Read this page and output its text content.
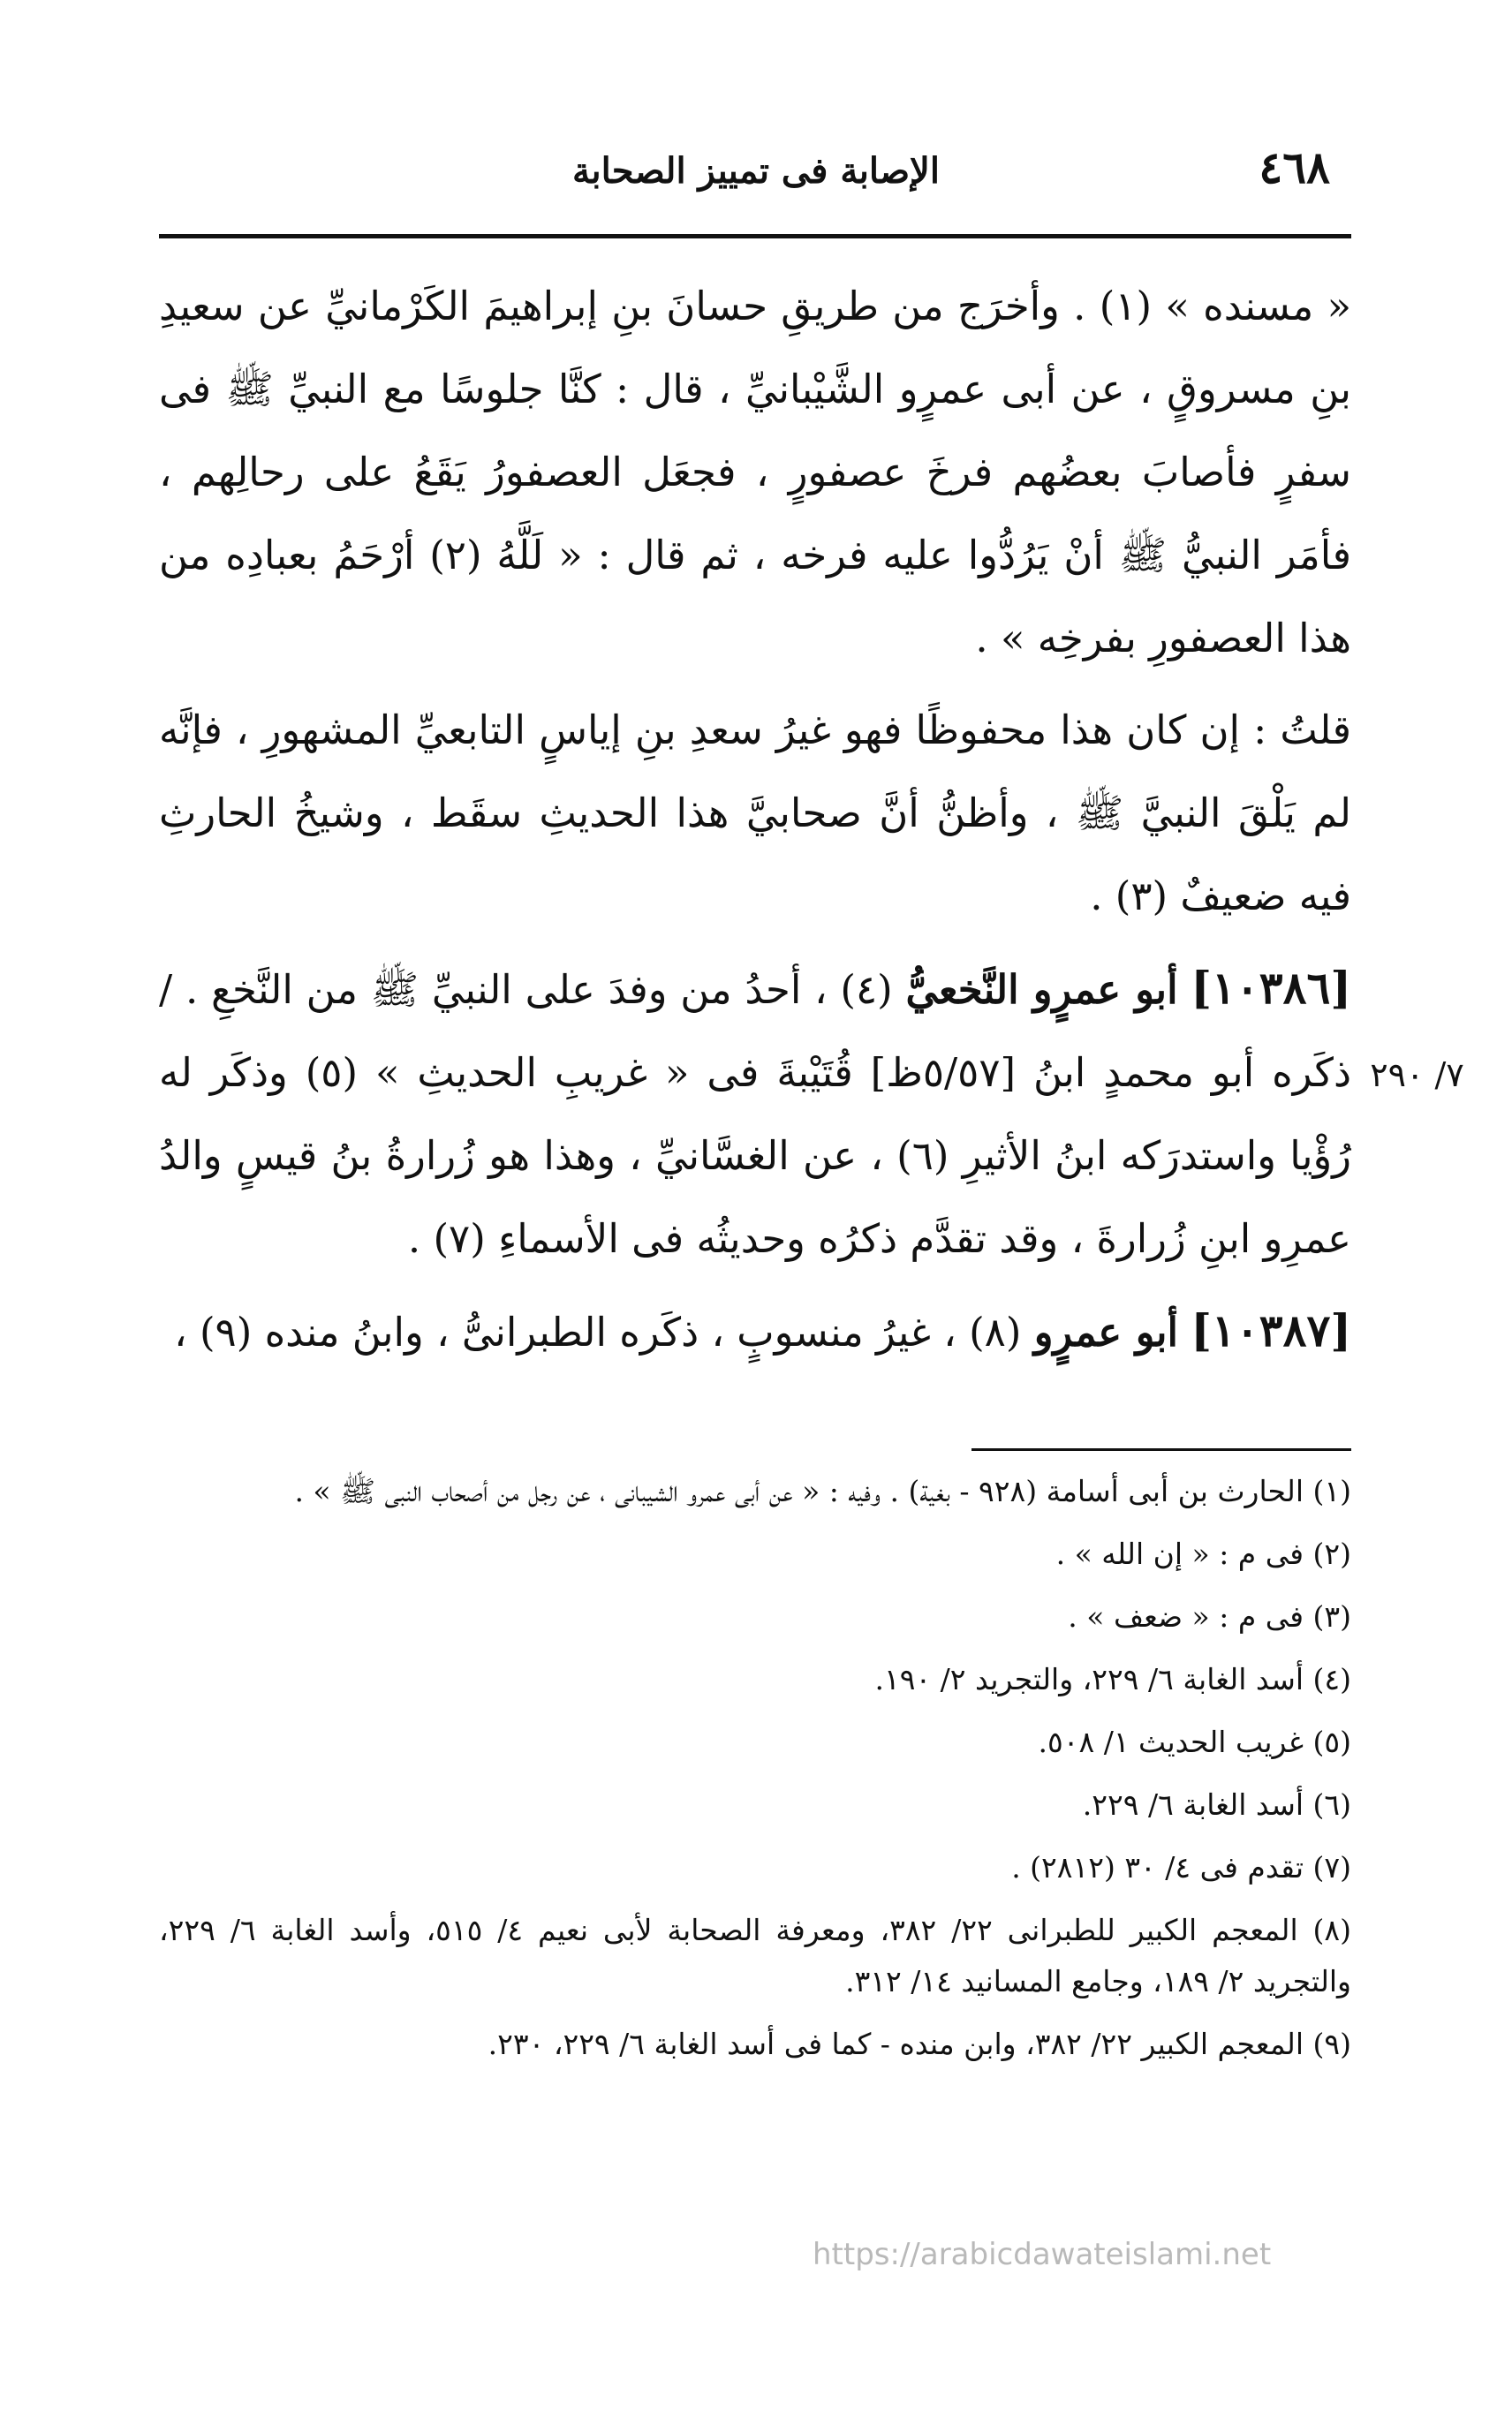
٤٦٨
الإصابة فى تمييز الصحابة

« مسنده » (١) . وأخرَج من طريقِ حسانَ بنِ إبراهيمَ الكَرْمانيِّ عن سعيدِ بنِ مسروقٍ ، عن أبى عمرٍو الشَّيْبانيِّ ، قال : كنَّا جلوسًا مع النبيِّ ﷺ فى سفرٍ فأصابَ بعضُهم فرخَ عصفورٍ ، فجعَل العصفورُ يَقَعُ على رحالِهم ، فأمَر النبيُّ ﷺ أنْ يَرُدُّوا عليه فرخه ، ثم قال : « لَلَّهُ (٢) أرْحَمُ بعبادِه من هذا العصفورِ بفرخِه » .

قلتُ : إن كان هذا محفوظًا فهو غيرُ سعدِ بنِ إياسٍ التابعيِّ المشهورِ ، فإنَّه لم يَلْقَ النبيَّ ﷺ ، وأظنُّ أنَّ صحابيَّ هذا الحديثِ سقَط ، وشيخُ الحارثِ فيه ضعيفٌ (٣) .

[١٠٣٨٦] أبو عمرٍو النَّخعيُّ (٤) ، أحدُ من وفدَ على النبيِّ ﷺ من النَّخعِ . /ذكَره أبو محمدٍ ابنُ [٥/٥٧ظ] قُتَيْبةَ فى « غريبِ الحديثِ » (٥) وذكَر له رُؤْيا واستدرَكه ابنُ الأثيرِ (٦) ، عن الغسَّانيِّ ، وهذا هو زُرارةُ بنُ قيسٍ والدُ عمرِو ابنِ زُرارةَ ، وقد تقدَّم ذكرُه وحديثُه فى الأسماءِ (٧) .

[١٠٣٨٧] أبو عمرٍو (٨) ، غيرُ منسوبٍ ، ذكَره الطبرانىُّ ، وابنُ منده (٩) ،

٧/ ٢٩٠
(١) الحارث بن أبى أسامة (٩٢٨ - بغية) . وفيه : « عن أبى عمرو الشيبانى ، عن رجل من أصحاب النبى ﷺ » .
(٢) فى م : « إن الله » .
(٣) فى م : « ضعف » .
(٤) أسد الغابة ٦/ ٢٢٩، والتجريد ٢/ ١٩٠.
(٥) غريب الحديث ١/ ٥٠٨.
(٦) أسد الغابة ٦/ ٢٢٩.
(٧) تقدم فى ٤/ ٣٠ (٢٨١٢) .
(٨) المعجم الكبير للطبرانى ٢٢/ ٣٨٢، ومعرفة الصحابة لأبى نعيم ٤/ ٥١٥، وأسد الغابة ٦/ ٢٢٩، والتجريد ٢/ ١٨٩، وجامع المسانيد ١٤/ ٣١٢.
(٩) المعجم الكبير ٢٢/ ٣٨٢، وابن منده - كما فى أسد الغابة ٦/ ٢٢٩، ٢٣٠.
https://arabicdawateislami.net
